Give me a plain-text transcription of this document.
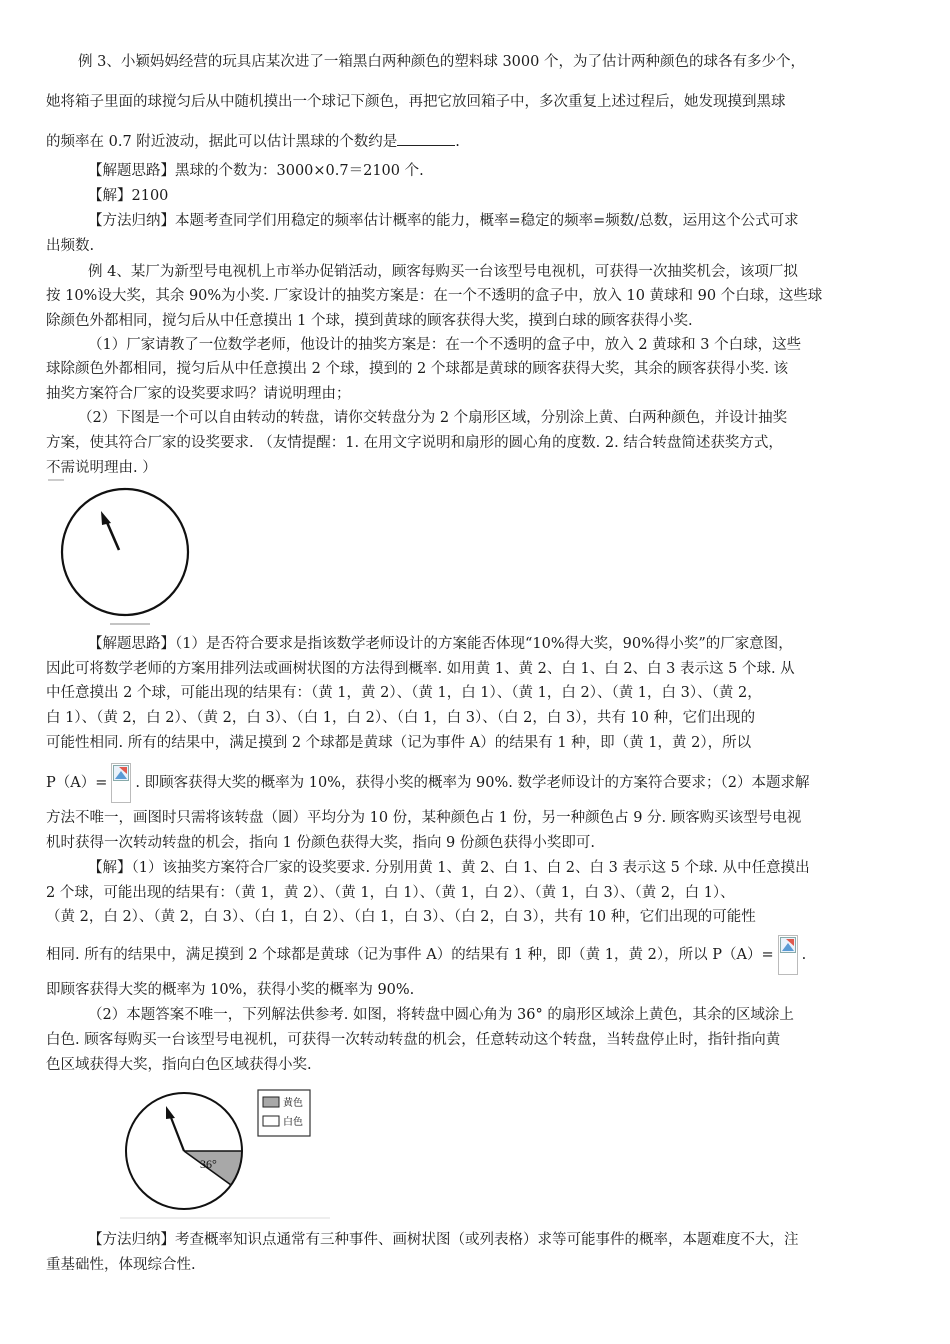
例 3、小颖妈妈经营的玩具店某次进了一箱黑白两种颜色的塑料球 3000 个，为了估计两种颜色的球各有多少个，
她将箱子里面的球搅匀后从中随机摸出一个球记下颜色，再把它放回箱子中，多次重复上述过程后，她发现摸到黑球
的频率在 0.7 附近波动，据此可以估计黑球的个数约是	.
【解题思路】黑球的个数为：3000×0.7＝2100 个.
【解】2100
【方法归纳】本题考查同学们用稳定的频率估计概率的能力，概率=稳定的频率=频数/总数，运用这个公式可求
出频数.
例 4、某厂为新型号电视机上市举办促销活动，顾客每购买一台该型号电视机，可获得一次抽奖机会，该项厂拟
按 10%设大奖，其余 90%为小奖. 厂家设计的抽奖方案是：在一个不透明的盒子中，放入 10 黄球和 90 个白球，这些球
除颜色外都相同，搅匀后从中任意摸出 1 个球，摸到黄球的顾客获得大奖，摸到白球的顾客获得小奖.
（1）厂家请教了一位数学老师，他设计的抽奖方案是：在一个不透明的盒子中，放入 2 黄球和 3 个白球，这些
球除颜色外都相同，搅匀后从中任意摸出 2 个球，摸到的 2 个球都是黄球的顾客获得大奖，其余的顾客获得小奖. 该
抽奖方案符合厂家的设奖要求吗？请说明理由；
（2）下图是一个可以自由转动的转盘，请你交转盘分为 2 个扇形区域，分别涂上黄、白两种颜色，并设计抽奖
方案，使其符合厂家的设奖要求. （友情提醒：1. 在用文字说明和扇形的圆心角的度数. 2. 结合转盘简述获奖方式，
不需说明理由. ）
【解题思路】（1）是否符合要求是指该数学老师设计的方案能否体现“10%得大奖，90%得小奖”的厂家意图，
因此可将数学老师的方案用排列法或画树状图的方法得到概率. 如用黄 1、黄 2、白 1、白 2、白 3 表示这 5 个球. 从
中任意摸出 2 个球，可能出现的结果有：（黄 1，黄 2）、（黄 1，白 1）、（黄 1，白 2）、（黄 1，白 3）、（黄 2，
白 1）、（黄 2，白 2）、（黄 2，白 3）、（白 1，白 2）、（白 1，白 3）、（白 2，白 3），共有 10 种，它们出现的
可能性相同. 所有的结果中，满足摸到 2 个球都是黄球（记为事件 A）的结果有 1 种，即（黄 1，黄 2），所以
P（A）= . 即顾客获得大奖的概率为 10%，获得小奖的概率为 90%. 数学老师设计的方案符合要求；（2）本题求解
方法不唯一，画图时只需将该转盘（圆）平均分为 10 份，某种颜色占 1 份，另一种颜色占 9 分. 顾客购买该型号电视
机时获得一次转动转盘的机会，指向 1 份颜色获得大奖，指向 9 份颜色获得小奖即可.
【解】（1）该抽奖方案符合厂家的设奖要求. 分别用黄 1、黄 2、白 1、白 2、白 3 表示这 5 个球. 从中任意摸出
2 个球，可能出现的结果有：（黄 1，黄 2）、（黄 1，白 1）、（黄 1，白 2）、（黄 1，白 3）、（黄 2，白 1）、
（黄 2，白 2）、（黄 2，白 3）、（白 1，白 2）、（白 1，白 3）、（白 2，白 3），共有 10 种，它们出现的可能性
相同. 所有的结果中，满足摸到 2 个球都是黄球（记为事件 A）的结果有 1 种，即（黄 1，黄 2），所以 P（A）= .
即顾客获得大奖的概率为 10%，获得小奖的概率为 90%.
（2）本题答案不唯一，下列解法供参考. 如图，将转盘中圆心角为 36° 的扇形区域涂上黄色，其余的区域涂上
白色. 顾客每购买一台该型号电视机，可获得一次转动转盘的机会，任意转动这个转盘，当转盘停止时，指针指向黄
色区域获得大奖，指向白色区域获得小奖.
36°
黄色
白色
【方法归纳】考查概率知识点通常有三种事件、画树状图（或列表格）求等可能事件的概率，本题难度不大，注
重基础性，体现综合性.
